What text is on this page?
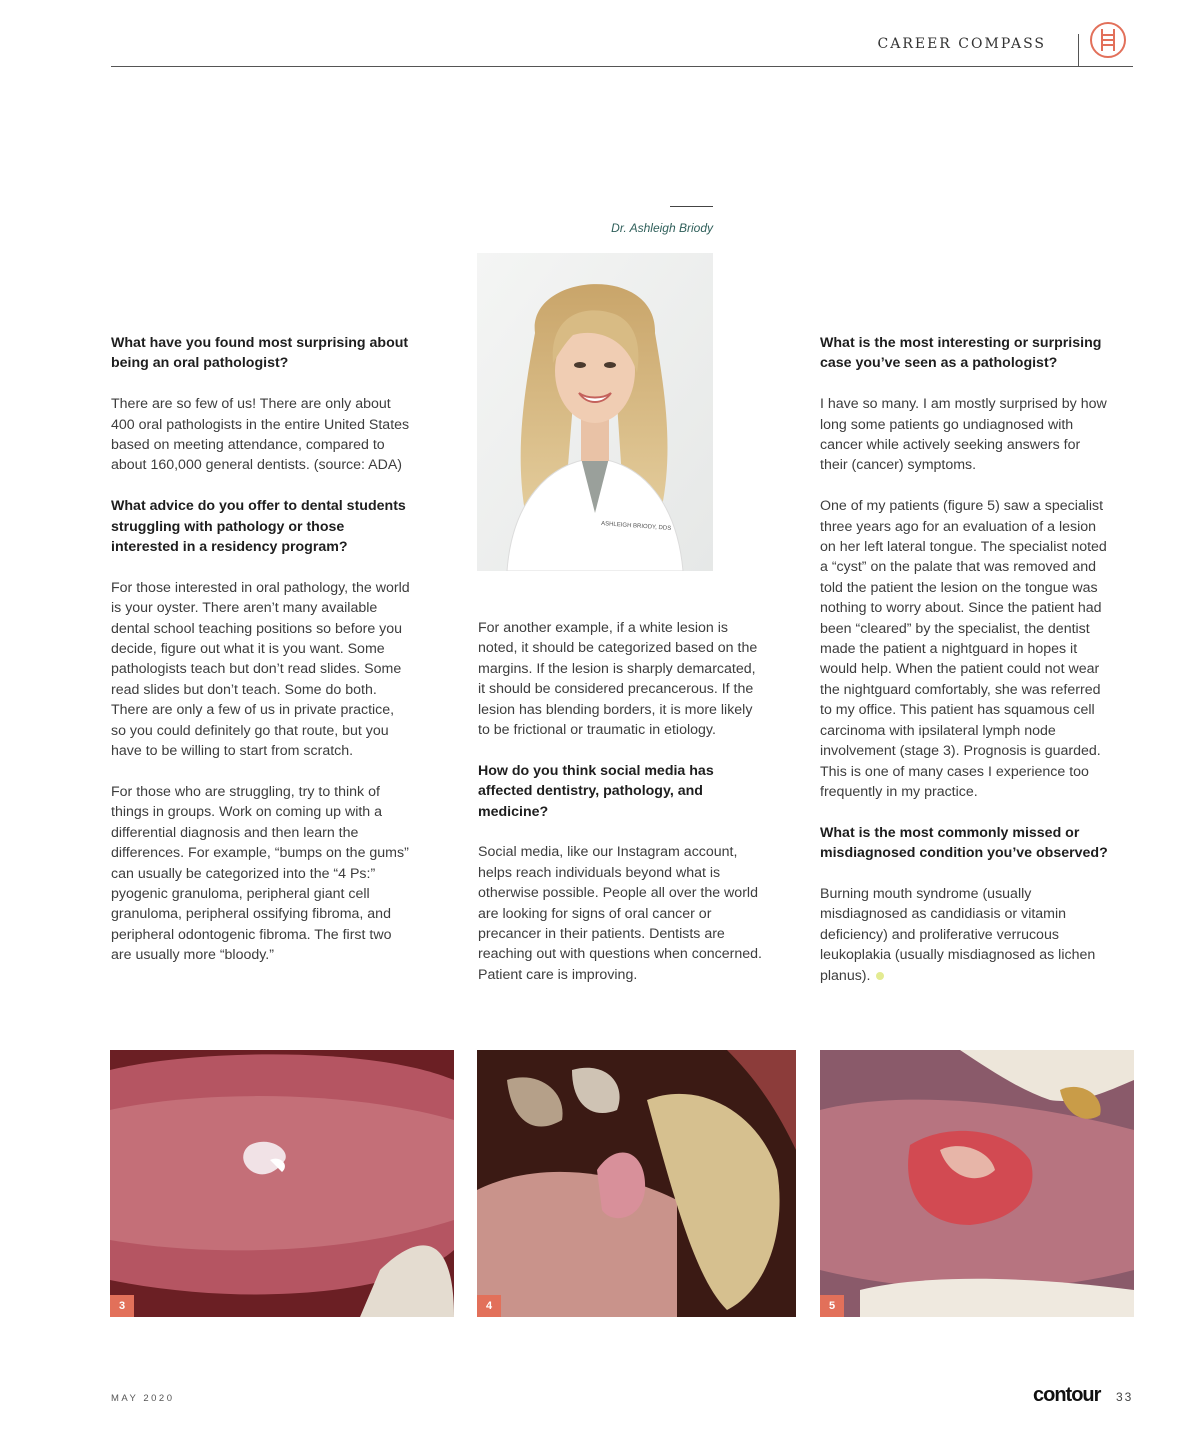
CAREER COMPASS
Dr. Ashleigh Briody
ASHLEIGH BRIODY, DDS

What have you found most surprising about being an oral pathologist?

There are so few of us! There are only about 400 oral pathologists in the entire United States based on meeting attendance, compared to about 160,000 general dentists. (source: ADA)

What advice do you offer to dental students struggling with pathology or those interested in a residency program?

For those interested in oral pathology, the world is your oyster. There aren’t many available dental school teaching positions so before you decide, figure out what it is you want. Some pathologists teach but don’t read slides. Some read slides but don’t teach. Some do both. There are only a few of us in private practice, so you could definitely go that route, but you have to be willing to start from scratch.

For those who are struggling, try to think of things in groups. Work on coming up with a differential diagnosis and then learn the differences. For example, “bumps on the gums” can usually be categorized into the “4 Ps:” pyogenic granuloma, peripheral giant cell granuloma, peripheral ossifying fibroma, and peripheral odontogenic fibroma. The first two are usually more “bloody.”

For another example, if a white lesion is noted, it should be categorized based on the margins. If the lesion is sharply demarcated, it should be considered precancerous. If the lesion has blending borders, it is more likely to be frictional or traumatic in etiology.

How do you think social media has affected dentistry, pathology, and medicine?

Social media, like our Instagram account, helps reach individuals beyond what is otherwise possible. People all over the world are looking for signs of oral cancer or precancer in their patients. Dentists are reaching out with questions when concerned. Patient care is improving.

What is the most interesting or surprising case you’ve seen as a pathologist?

I have so many. I am mostly surprised by how long some patients go undiagnosed with cancer while actively seeking answers for their (cancer) symptoms.

One of my patients (figure 5) saw a specialist three years ago for an evaluation of a lesion on her left lateral tongue. The specialist noted a “cyst” on the palate that was removed and told the patient the lesion on the tongue was nothing to worry about. Since the patient had been “cleared” by the specialist, the dentist made the patient a nightguard in hopes it would help. When the patient could not wear the nightguard comfortably, she was referred to my office. This patient has squamous cell carcinoma with ipsilateral lymph node involvement (stage 3). Prognosis is guarded. This is one of many cases I experience too frequently in my practice.

What is the most commonly missed or misdiagnosed condition you’ve observed?

Burning mouth syndrome (usually misdiagnosed as candidiasis or vitamin deficiency) and proliferative verrucous leukoplakia (usually misdiagnosed as lichen planus).

3	4	5
MAY 2020	contour 33
